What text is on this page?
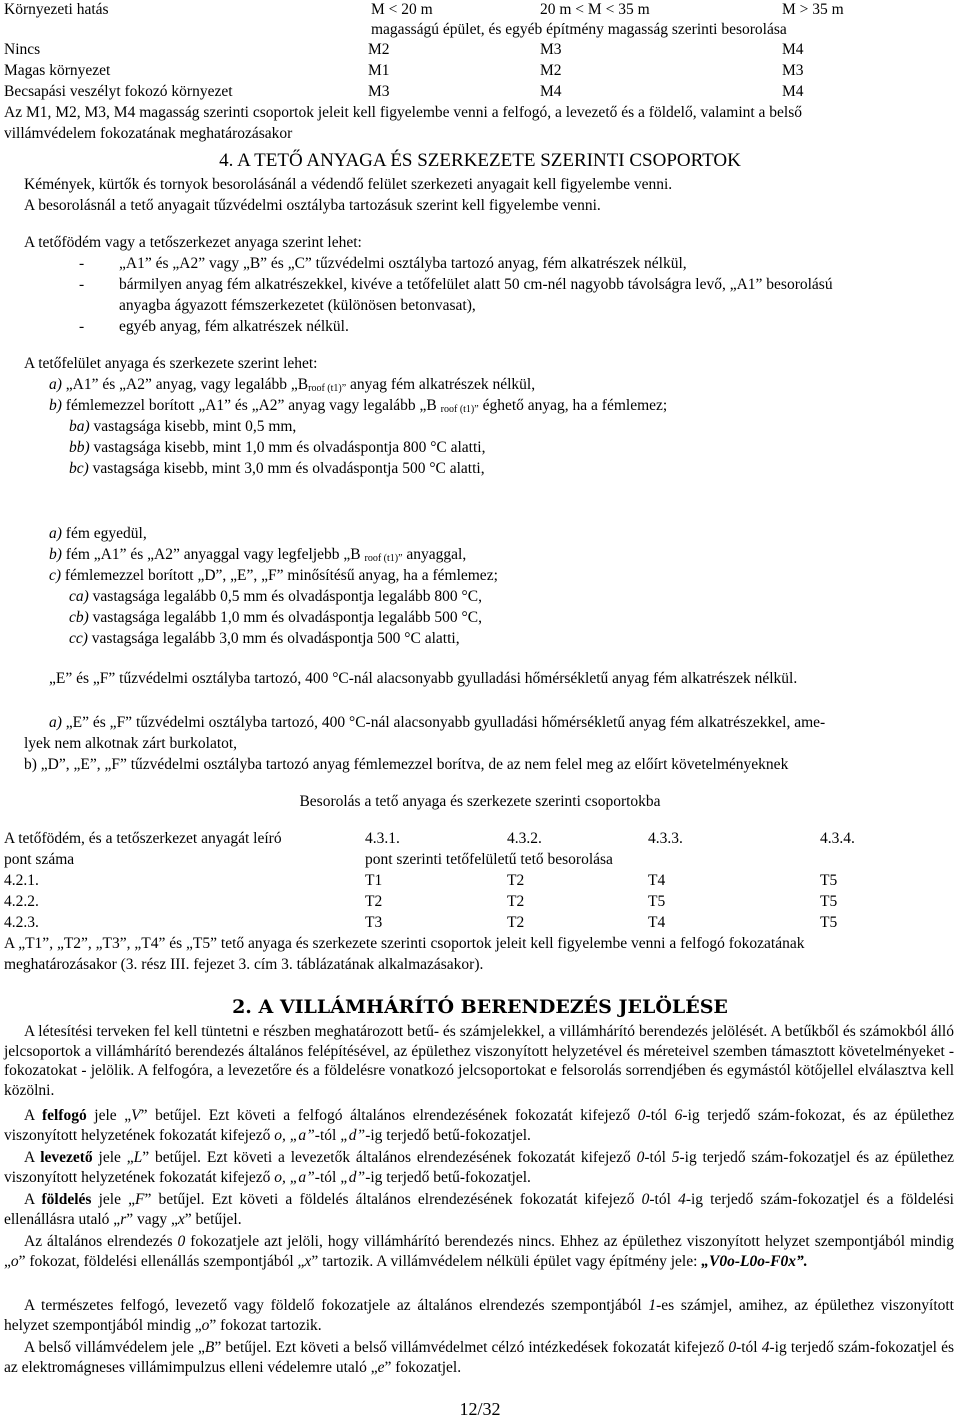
Környezeti hatás	M < 20 m	20 m < M < 35 m	M > 35 m
magasságú épület, és egyéb építmény magasság szerinti besorolása
Nincs	M2	M3	M4
Magas környezet	M1	M2	M3
Becsapási veszélyt fokozó környezet	M3	M4	M4
Az M1, M2, M3, M4 magasság szerinti csoportok jeleit kell figyelembe venni a felfogó, a levezető és a földelő, valamint a belső
villámvédelem fokozatának meghatározásakor
4. A TETŐ ANYAGA ÉS SZERKEZETE SZERINTI CSOPORTOK
Kémények, kürtők és tornyok besorolásánál a védendő felület szerkezeti anyagait kell figyelembe venni.
A besorolásnál a tető anyagait tűzvédelmi osztályba tartozásuk szerint kell figyelembe venni.
A tetőfödém vagy a tetőszerkezet anyaga szerint lehet:
- „A1” és „A2” vagy „B” és „C” tűzvédelmi osztályba tartozó anyag, fém alkatrészek nélkül,
- bármilyen anyag fém alkatrészekkel, kivéve a tetőfelület alatt 50 cm-nél nagyobb távolságra levő, „A1” besorolású
anyagba ágyazott fémszerkezetet (különösen betonvasat),
- egyéb anyag, fém alkatrészek nélkül.
A tetőfelület anyaga és szerkezete szerint lehet:
a) „A1” és „A2” anyag, vagy legalább $„B_{roof (t1)”}$ anyag fém alkatrészek nélkül,
b) fémlemezzel borított „A1” és „A2” anyag vagy legalább „B $_{roof (t1)”}$ éghető anyag, ha a fémlemez;
ba) vastagsága kisebb, mint 0,5 mm,
bb) vastagsága kisebb, mint 1,0 mm és olvadáspontja 800 °C alatti,
bc) vastagsága kisebb, mint 3,0 mm és olvadáspontja 500 °C alatti,
a) fém egyedül,
b) fém „A1” és „A2” anyaggal vagy legfeljebb „B $_{roof (t1)”}$ anyaggal,
c) fémlemezzel borított „D”, „E”, „F” minősítésű anyag, ha a fémlemez;
ca) vastagsága legalább 0,5 mm és olvadáspontja legalább 800 °C,
cb) vastagsága legalább 1,0 mm és olvadáspontja legalább 500 °C,
cc) vastagsága legalább 3,0 mm és olvadáspontja 500 °C alatti,
„E” és „F” tűzvédelmi osztályba tartozó, 400 °C-nál alacsonyabb gyulladási hőmérsékletű anyag fém alkatrészek nélkül.
a) „E” és „F” tűzvédelmi osztályba tartozó, 400 °C-nál alacsonyabb gyulladási hőmérsékletű anyag fém alkatrészekkel, ame-
lyek nem alkotnak zárt burkolatot,
b) „D”, „E”, „F” tűzvédelmi osztályba tartozó anyag fémlemezzel borítva, de az nem felel meg az előírt követelményeknek
Besorolás a tető anyaga és szerkezete szerinti csoportokba
A tetőfödém, és a tetőszerkezet anyagát leíró	4.3.1.	4.3.2.	4.3.3.	4.3.4.
pont száma	pont szerinti tetőfelületű tető besorolása
4.2.1.	T1	T2	T4	T5
4.2.2.	T2	T2	T5	T5
4.2.3.	T3	T2	T4	T5
A „T1”, „T2”, „T3”, „T4” és „T5” tető anyaga és szerkezete szerinti csoportok jeleit kell figyelembe venni a felfogó fokozatának
meghatározásakor (3. rész III. fejezet 3. cím 3. táblázatának alkalmazásakor).
2. A VILLÁMHÁRÍTÓ BERENDEZÉS JELÖLÉSE
A létesítési terveken fel kell tüntetni e részben meghatározott betű- és számjelekkel, a villámhárító berendezés jelölését. A betűkből és számokból álló jelcsoportok a villámhárító berendezés általános felépítésével, az épülethez viszonyított helyzetével és méreteivel szemben támasztott követelményeket - fokozatokat - jelölik. A felfogóra, a levezetőre és a földelésre vonatkozó jelcsoportokat e felsorolás sorrendjében és egymástól kötőjellel elválasztva kell közölni.
A felfogó jele „V” betűjel. Ezt követi a felfogó általános elrendezésének fokozatát kifejező 0-tól 6-ig terjedő szám-fokozat, és az épülethez viszonyított helyzetének fokozatát kifejező o, „a”-tól „d”-ig terjedő betű-fokozatjel.
A levezető jele „L” betűjel. Ezt követi a levezetők általános elrendezésének fokozatát kifejező 0-tól 5-ig terjedő szám-fokozatjel és az épülethez viszonyított helyzetének fokozatát kifejező o, „a”-tól „d”-ig terjedő betű-fokozatjel.
A földelés jele „F” betűjel. Ezt követi a földelés általános elrendezésének fokozatát kifejező 0-tól 4-ig terjedő szám-fokozatjel és a földelési ellenállásra utaló „r” vagy „x” betűjel.
Az általános elrendezés 0 fokozatjele azt jelöli, hogy villámhárító berendezés nincs. Ehhez az épülethez viszonyított helyzet szempontjából mindig „o” fokozat, földelési ellenállás szempontjából „x” tartozik. A villámvédelem nélküli épület vagy építmény jele: „V0o-L0o-F0x”.
A természetes felfogó, levezető vagy földelő fokozatjele az általános elrendezés szempontjából 1-es számjel, amihez, az épülethez viszonyított helyzet szempontjából mindig „o” fokozat tartozik.
A belső villámvédelem jele „B” betűjel. Ezt követi a belső villámvédelmet célzó intézkedések fokozatát kifejező 0-tól 4-ig terjedő szám-fokozatjel és az elektromágneses villámimpulzus elleni védelemre utaló „e” fokozatjel.
12/32
